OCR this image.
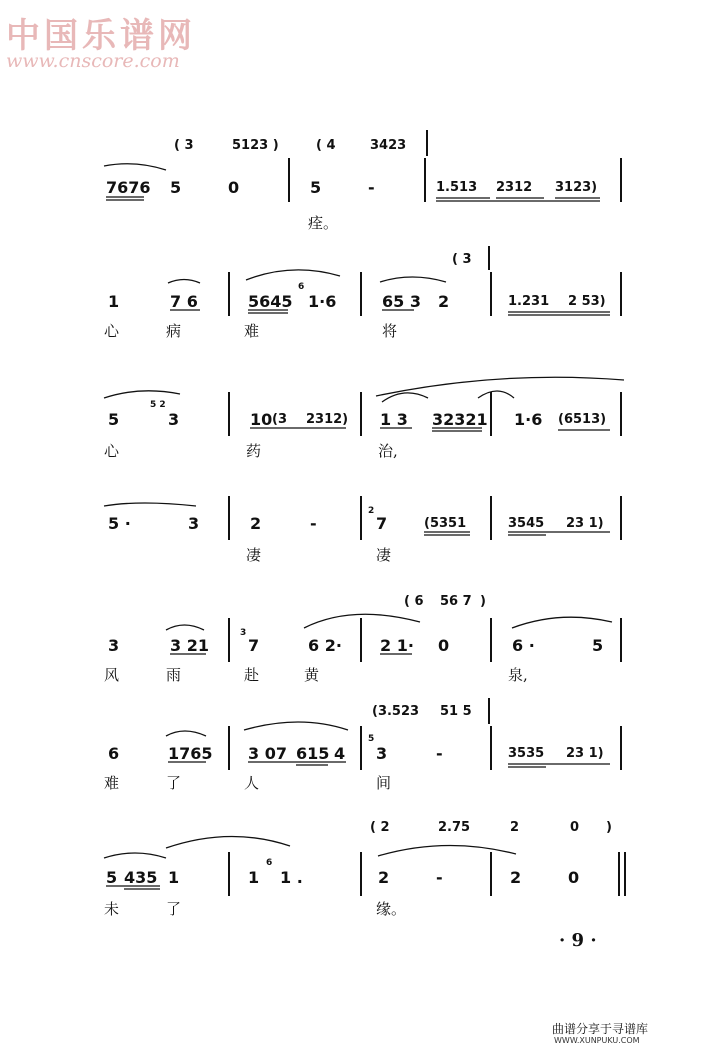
中国乐谱网
www.cnscore.com
7676 5	0	5	-	1.513 2312 3123)
( 3	5123 )	( 4	3423
痊。
1	7 6	5645
6
1·6	65 3 2	1.231 2 53)
( 3
心	病	难	将
5
5 2
3	10 (3 2312) 1 3 32321 1·6 (6513)
心	药	治,
5 ·	3	2	-
2
7	(5351	3545 23 1)
凄	凄
3	3 21
3
7	6 2· 2 1· 0	6 ·	5
( 6 56 7 )
风	雨	赴	黄	泉,
6	1765 3 07 615 4
5
3	-	3535 23 1)
(3.523 51 5
难	了	人	间
5 435 1	1
6
1 .	2	-	2	0
( 2	2.75	2	0 )
未	了	缘。
· 9 ·
曲谱分享于寻谱库
WWW.XUNPUKU.COM
